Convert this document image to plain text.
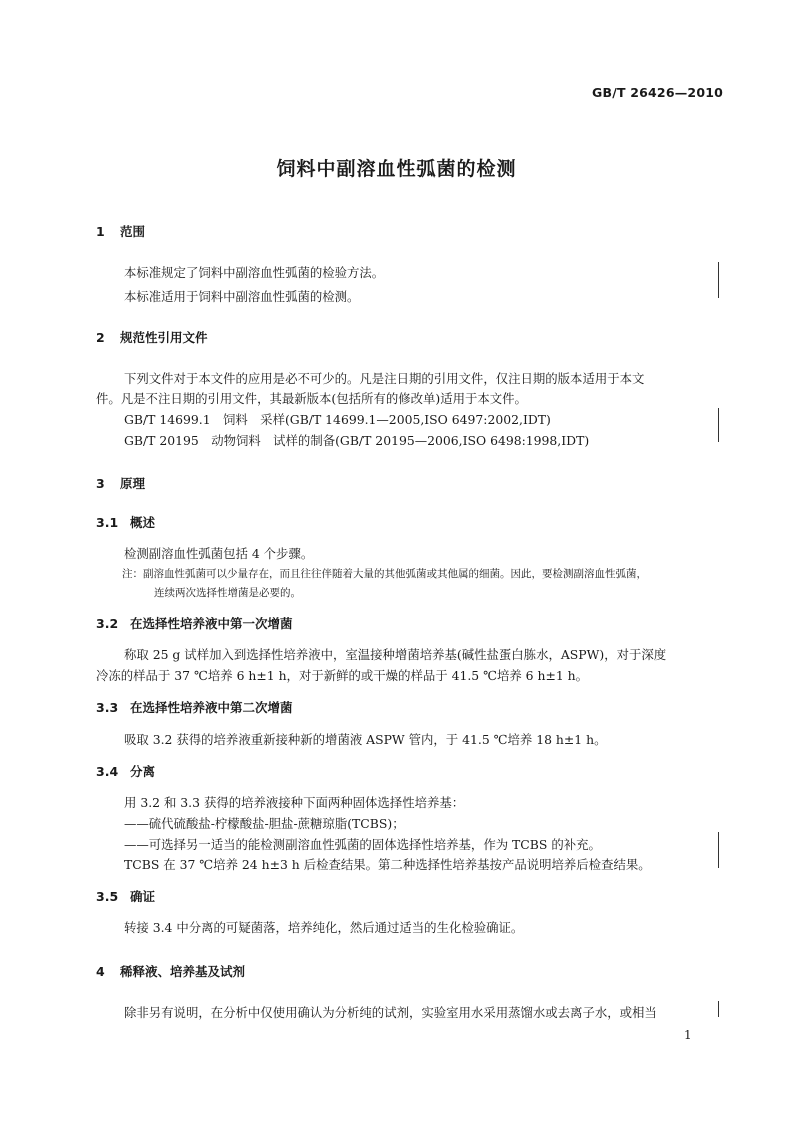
GB/T 26426—2010
饲料中副溶血性弧菌的检测
1 范围
本标准规定了饲料中副溶血性弧菌的检验方法。
本标准适用于饲料中副溶血性弧菌的检测。
2 规范性引用文件
下列文件对于本文件的应用是必不可少的。凡是注日期的引用文件，仅注日期的版本适用于本文
件。凡是不注日期的引用文件，其最新版本(包括所有的修改单)适用于本文件。
GB/T 14699.1　饲料　采样(GB/T 14699.1—2005,ISO 6497:2002,IDT)
GB/T 20195　动物饲料　试样的制备(GB/T 20195—2006,ISO 6498:1998,IDT)
3 原理
3.1 概述
检测副溶血性弧菌包括 4 个步骤。
注：副溶血性弧菌可以少量存在，而且往往伴随着大量的其他弧菌或其他属的细菌。因此，要检测副溶血性弧菌，
连续两次选择性增菌是必要的。
3.2 在选择性培养液中第一次增菌
称取 25 g 试样加入到选择性培养液中，室温接种增菌培养基(碱性盐蛋白胨水，ASPW)，对于深度
冷冻的样品于 37 ℃培养 6 h±1 h，对于新鲜的或干燥的样品于 41.5 ℃培养 6 h±1 h。
3.3 在选择性培养液中第二次增菌
吸取 3.2 获得的培养液重新接种新的增菌液 ASPW 管内，于 41.5 ℃培养 18 h±1 h。
3.4 分离
用 3.2 和 3.3 获得的培养液接种下面两种固体选择性培养基：
——硫代硫酸盐-柠檬酸盐-胆盐-蔗糖琼脂(TCBS)；
——可选择另一适当的能检测副溶血性弧菌的固体选择性培养基，作为 TCBS 的补充。
TCBS 在 37 ℃培养 24 h±3 h 后检查结果。第二种选择性培养基按产品说明培养后检查结果。
3.5 确证
转接 3.4 中分离的可疑菌落，培养纯化，然后通过适当的生化检验确证。
4 稀释液、培养基及试剂
除非另有说明，在分析中仅使用确认为分析纯的试剂，实验室用水采用蒸馏水或去离子水，或相当
1
